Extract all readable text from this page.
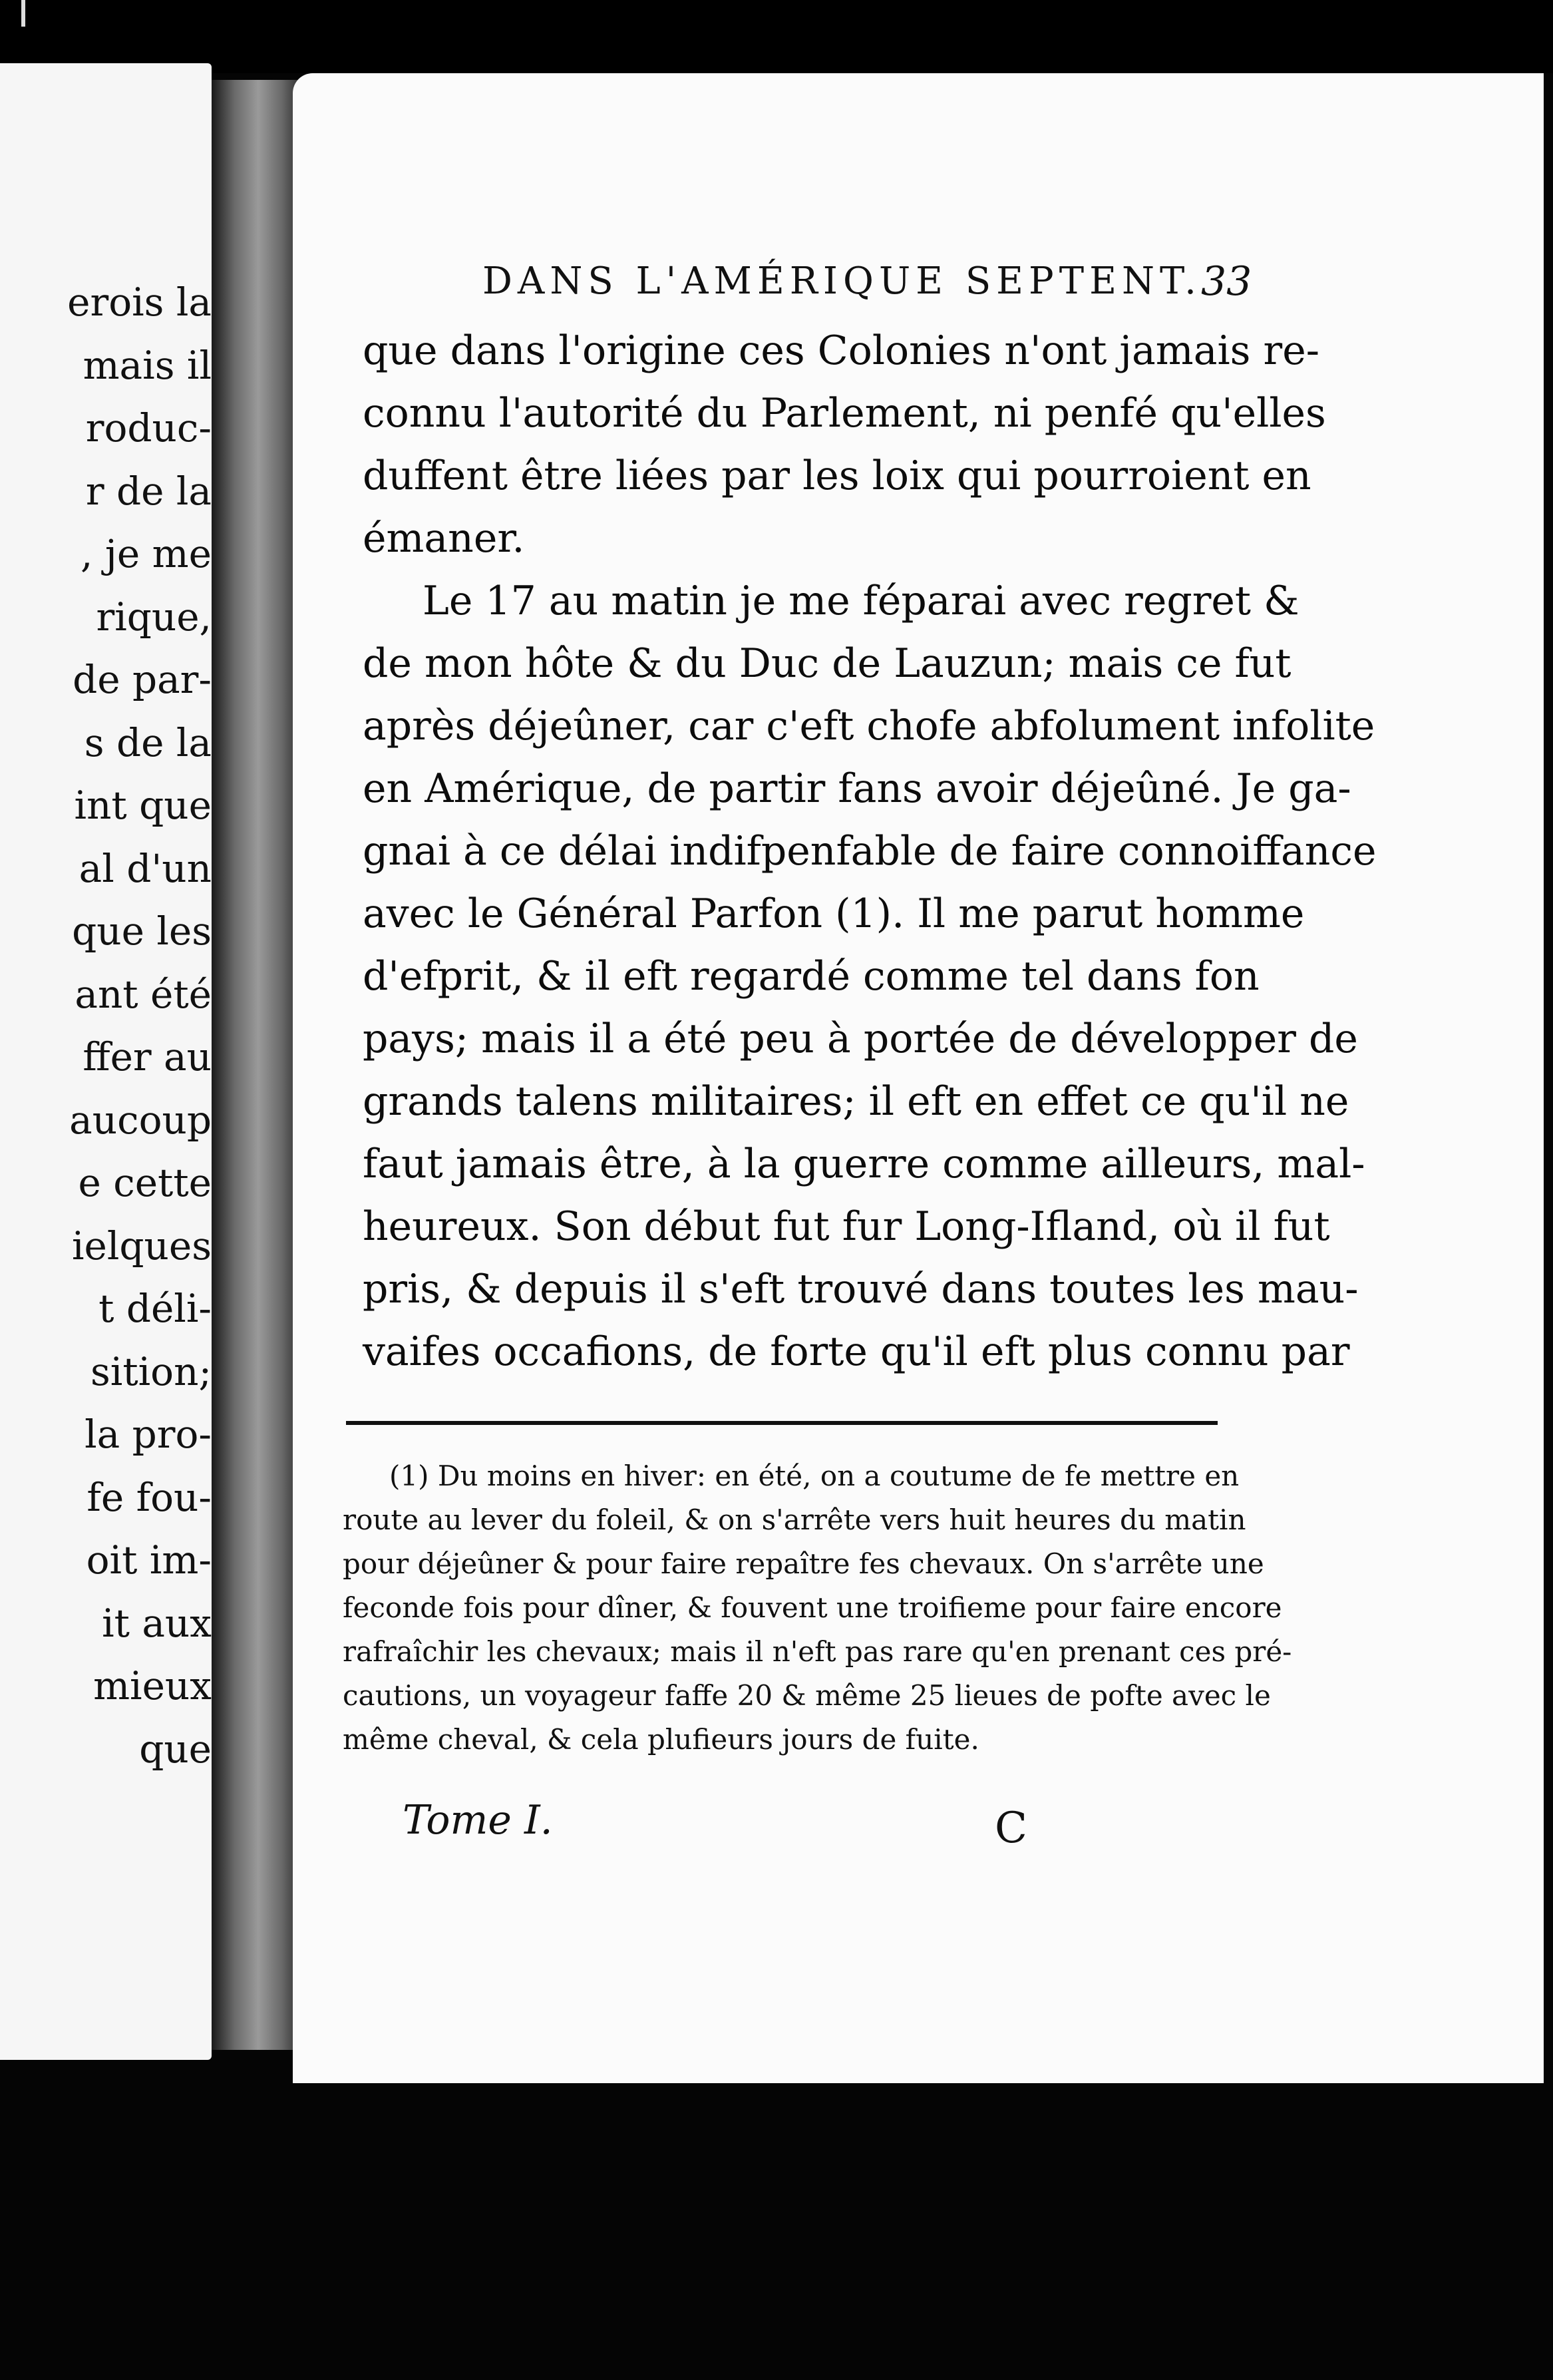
erois la
mais il
roduc-
r de la
, je me
rique,
de par-
s de la
int que
al d'un
que les
ant été
ffer au
aucoup
e cette
ielques
t déli-
sition;
la pro-
fe fou-
oit im-
it aux
mieux
que
DANS L'AMÉRIQUE SEPTENT. 33
que dans l'origine ces Colonies n'ont jamais re-
connu l'autorité du Parlement, ni penfé qu'elles
duffent être liées par les loix qui pourroient en
émaner.
Le 17 au matin je me féparai avec regret &
de mon hôte & du Duc de Lauzun; mais ce fut
après déjeûner, car c'eft chofe abfolument infolite
en Amérique, de partir fans avoir déjeûné. Je ga-
gnai à ce délai indifpenfable de faire connoiffance
avec le Général Parfon (1). Il me parut homme
d'efprit, & il eft regardé comme tel dans fon
pays; mais il a été peu à portée de développer de
grands talens militaires; il eft en effet ce qu'il ne
faut jamais être, à la guerre comme ailleurs, mal-
heureux. Son début fut fur Long-Ifland, où il fut
pris, & depuis il s'eft trouvé dans toutes les mau-
vaifes occafions, de forte qu'il eft plus connu par
(1) Du moins en hiver: en été, on a coutume de fe mettre en
route au lever du foleil, & on s'arrête vers huit heures du matin
pour déjeûner & pour faire repaître fes chevaux. On s'arrête une
feconde fois pour dîner, & fouvent une troifieme pour faire encore
rafraîchir les chevaux; mais il n'eft pas rare qu'en prenant ces pré-
cautions, un voyageur faffe 20 & même 25 lieues de pofte avec le
même cheval, & cela plufieurs jours de fuite.
Tome I.	C
